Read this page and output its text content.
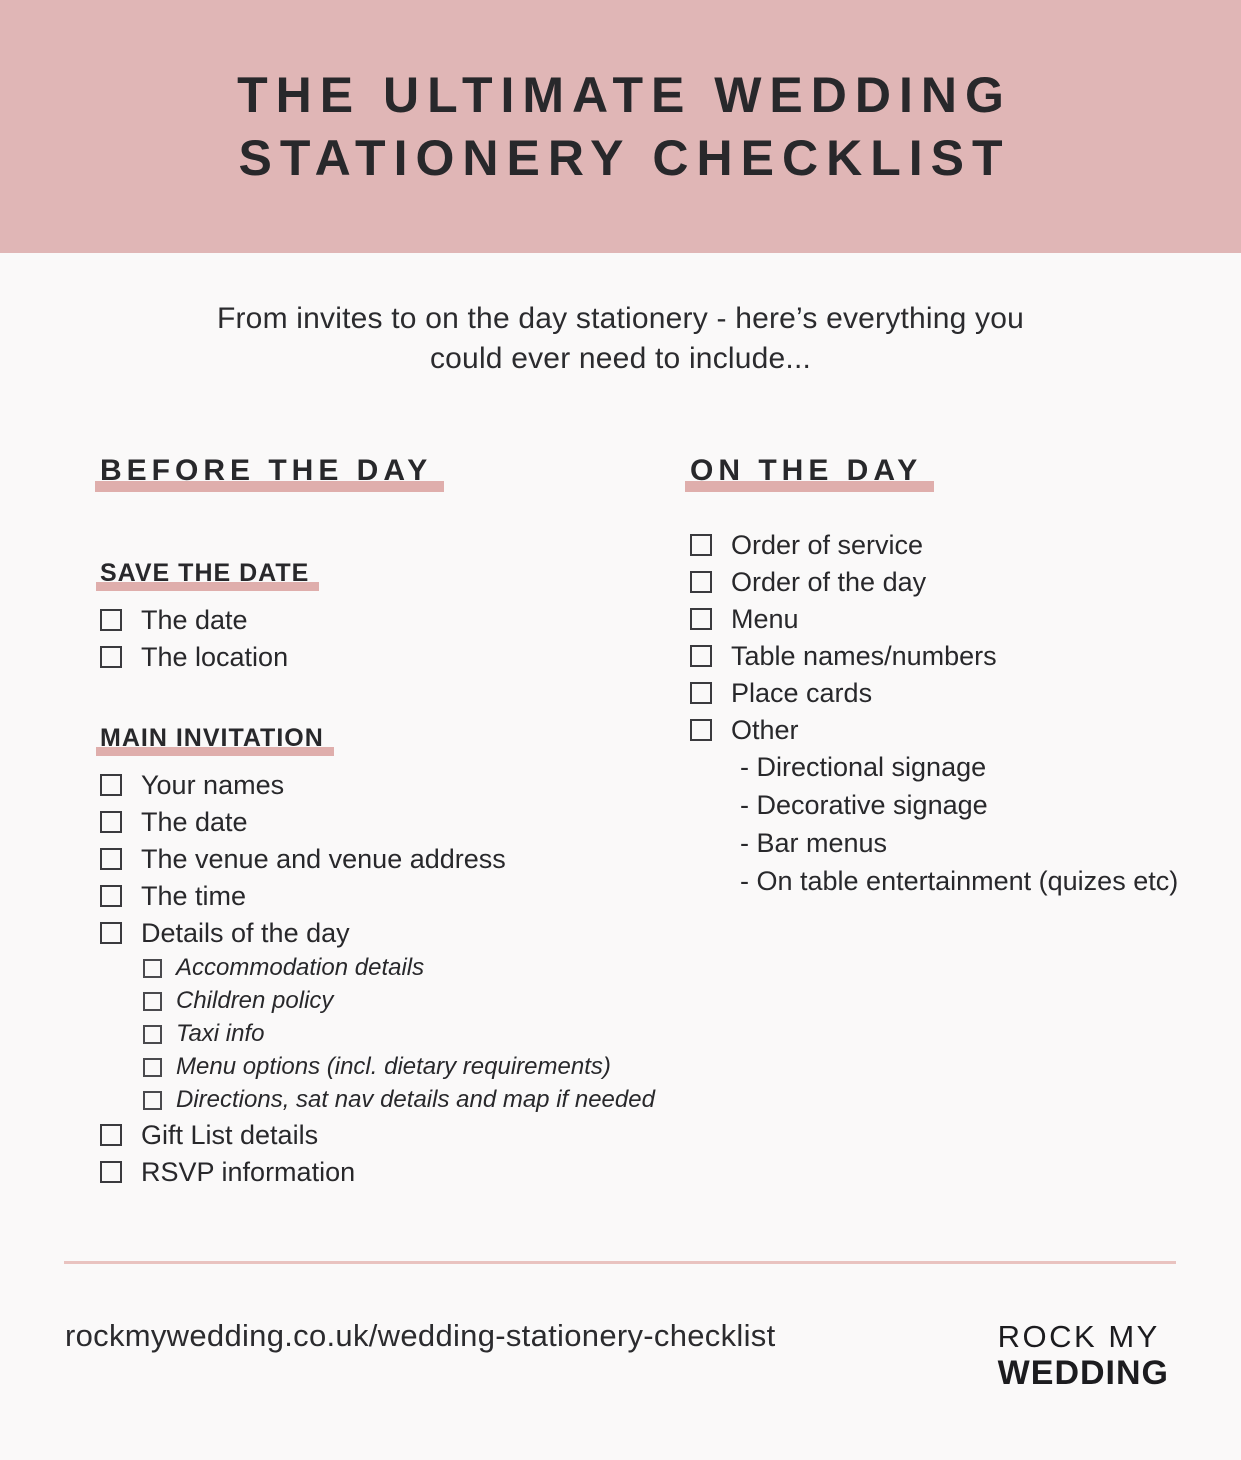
THE ULTIMATE WEDDING
STATIONERY CHECKLIST
From invites to on the day stationery - here’s everything you
could ever need to include...
BEFORE THE DAY
SAVE THE DATE
The date
The location
MAIN INVITATION
Your names
The date
The venue and venue address
The time
Details of the day
Accommodation details
Children policy
Taxi info
Menu options (incl. dietary requirements)
Directions, sat nav details and map if needed
Gift List details
RSVP information
ON THE DAY
Order of service
Order of the day
Menu
Table names/numbers
Place cards
Other
- Directional signage
- Decorative signage
- Bar menus
- On table entertainment (quizes etc)
rockmywedding.co.uk/wedding-stationery-checklist	ROCK MY
WEDDING
